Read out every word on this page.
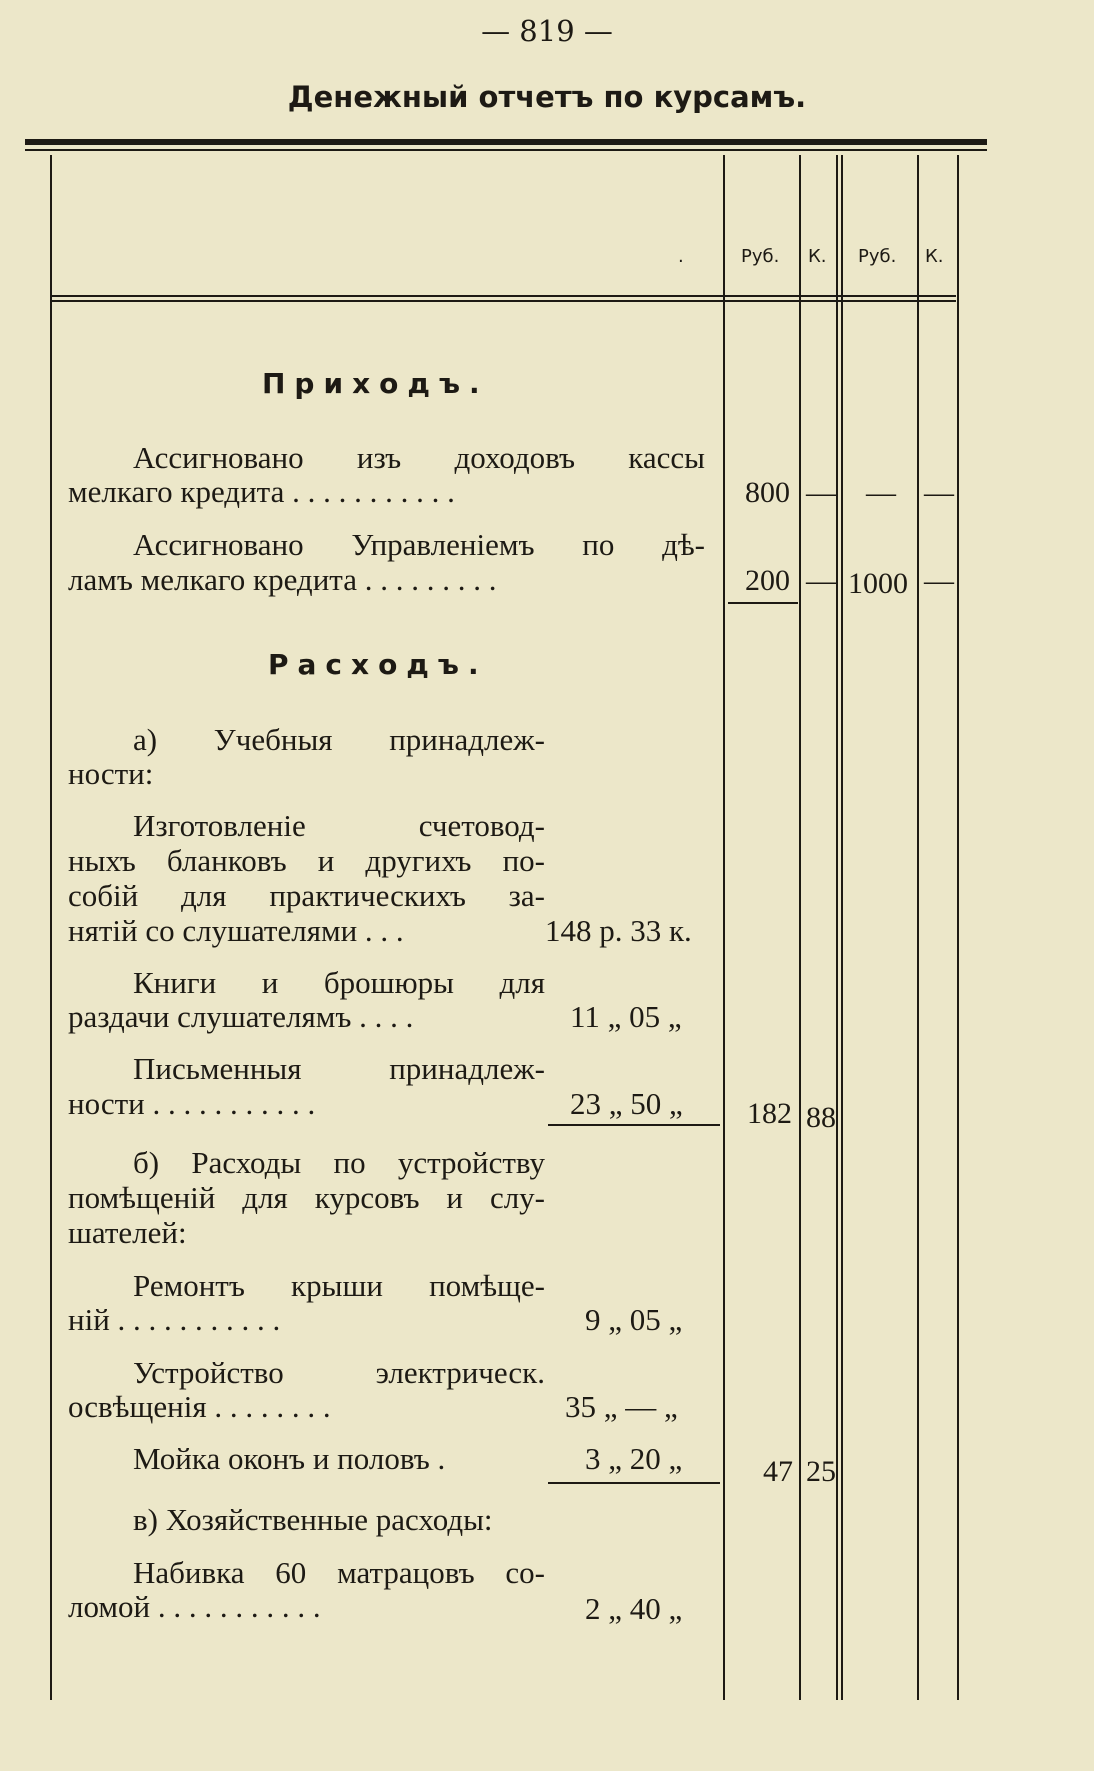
— 819 —
Денежный отчетъ по курсамъ.
.	Руб. К. Руб. К.
Приходъ.
Ассигновано изъ доходовъ кассы
мелкаго кредита . . . . . . . . . . .	800 — — —
Ассигновано Управленіемъ по дѣ-
ламъ мелкаго кредита . . . . . . . . .	200 — 1000 —
Расходъ.
а) Учебныя принадлеж-
ности:
Изготовленіе счетовод-
ныхъ бланковъ и другихъ по-
собій для практическихъ за-
нятій со слушателями . . .	148 р. 33 к.
Книги и брошюры для
раздачи слушателямъ . . . .	11 „ 05 „
Письменныя принадлеж-
ности . . . . . . . . . . .	23 „ 50 „ 182 88
б) Расходы по устройству
помѣщеній для курсовъ и слу-
шателей:
Ремонтъ крыши помѣще-
ній . . . . . . . . . . .	9 „ 05 „
Устройство электрическ.
освѣщенія . . . . . . . .	35 „ — „
Мойка оконъ и половъ .	3 „ 20 „	47 25
в) Хозяйственные расходы:
Набивка 60 матрацовъ со-
ломой . . . . . . . . . . .	2 „ 40 „
